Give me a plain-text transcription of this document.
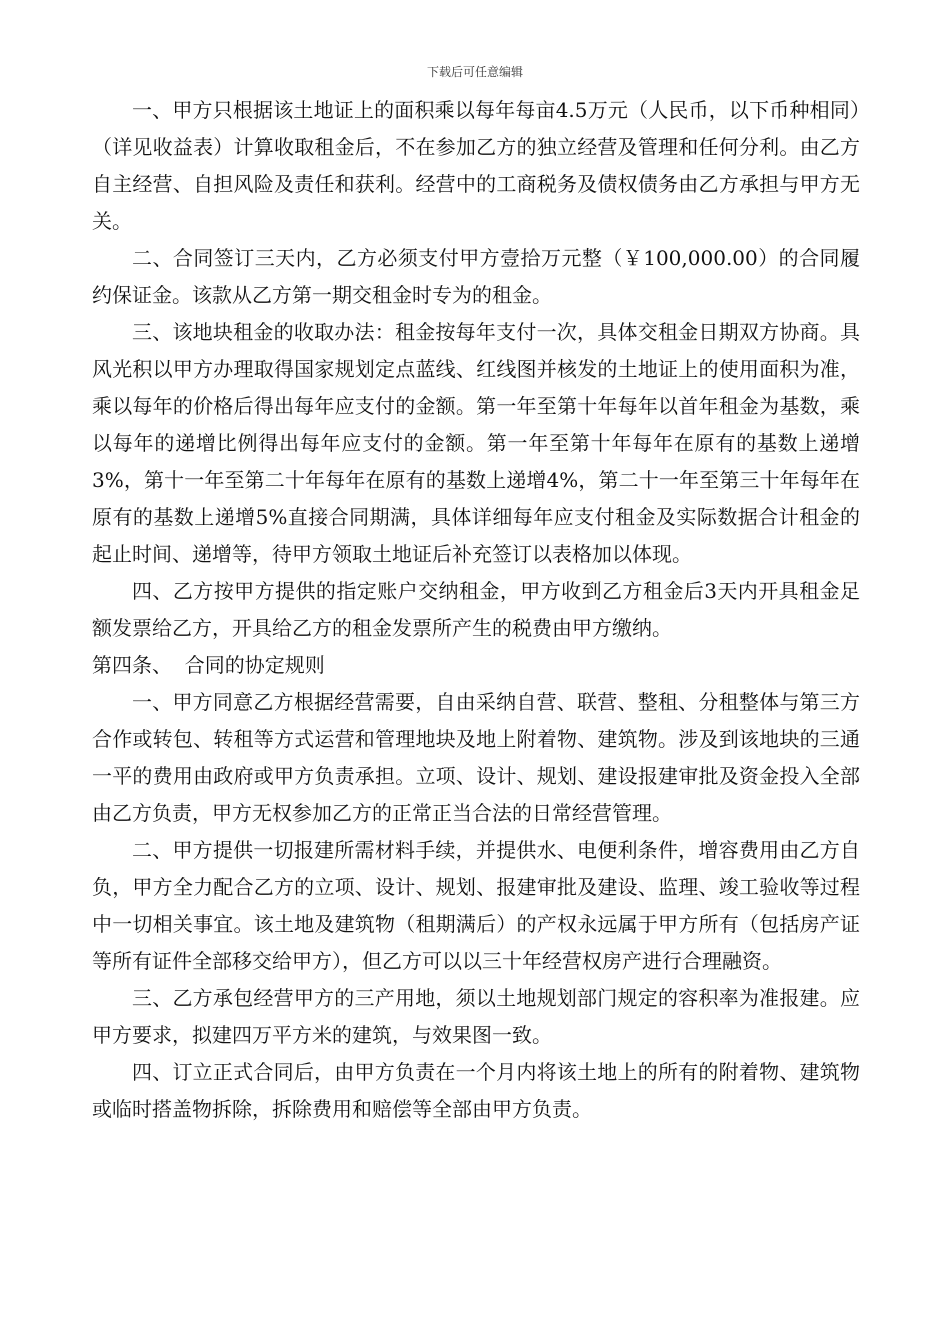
下载后可任意编辑

一、甲方只根据该土地证上的面积乘以每年每亩4.5万元（人民币，以下币种相同）（详见收益表）计算收取租金后，不在参加乙方的独立经营及管理和任何分利。由乙方自主经营、自担风险及责任和获利。经营中的工商税务及债权债务由乙方承担与甲方无关。

二、合同签订三天内，乙方必须支付甲方壹拾万元整（￥100,000.00）的合同履约保证金。该款从乙方第一期交租金时专为的租金。

三、该地块租金的收取办法：租金按每年支付一次，具体交租金日期双方协商。具风光积以甲方办理取得国家规划定点蓝线、红线图并核发的土地证上的使用面积为准，乘以每年的价格后得出每年应支付的金额。第一年至第十年每年以首年租金为基数，乘以每年的递增比例得出每年应支付的金额。第一年至第十年每年在原有的基数上递增3%，第十一年至第二十年每年在原有的基数上递增4%，第二十一年至第三十年每年在原有的基数上递增5%直接合同期满，具体详细每年应支付租金及实际数据合计租金的起止时间、递增等，待甲方领取土地证后补充签订以表格加以体现。

四、乙方按甲方提供的指定账户交纳租金，甲方收到乙方租金后3天内开具租金足额发票给乙方，开具给乙方的租金发票所产生的税费由甲方缴纳。

第四条、  合同的协定规则

一、甲方同意乙方根据经营需要，自由采纳自营、联营、整租、分租整体与第三方合作或转包、转租等方式运营和管理地块及地上附着物、建筑物。涉及到该地块的三通一平的费用由政府或甲方负责承担。立项、设计、规划、建设报建审批及资金投入全部由乙方负责，甲方无权参加乙方的正常正当合法的日常经营管理。

二、甲方提供一切报建所需材料手续，并提供水、电便利条件，增容费用由乙方自负，甲方全力配合乙方的立项、设计、规划、报建审批及建设、监理、竣工验收等过程中一切相关事宜。该土地及建筑物（租期满后）的产权永远属于甲方所有（包括房产证等所有证件全部移交给甲方），但乙方可以以三十年经营权房产进行合理融资。

三、乙方承包经营甲方的三产用地，须以土地规划部门规定的容积率为准报建。应甲方要求，拟建四万平方米的建筑，与效果图一致。

四、订立正式合同后，由甲方负责在一个月内将该土地上的所有的附着物、建筑物或临时搭盖物拆除，拆除费用和赔偿等全部由甲方负责。
